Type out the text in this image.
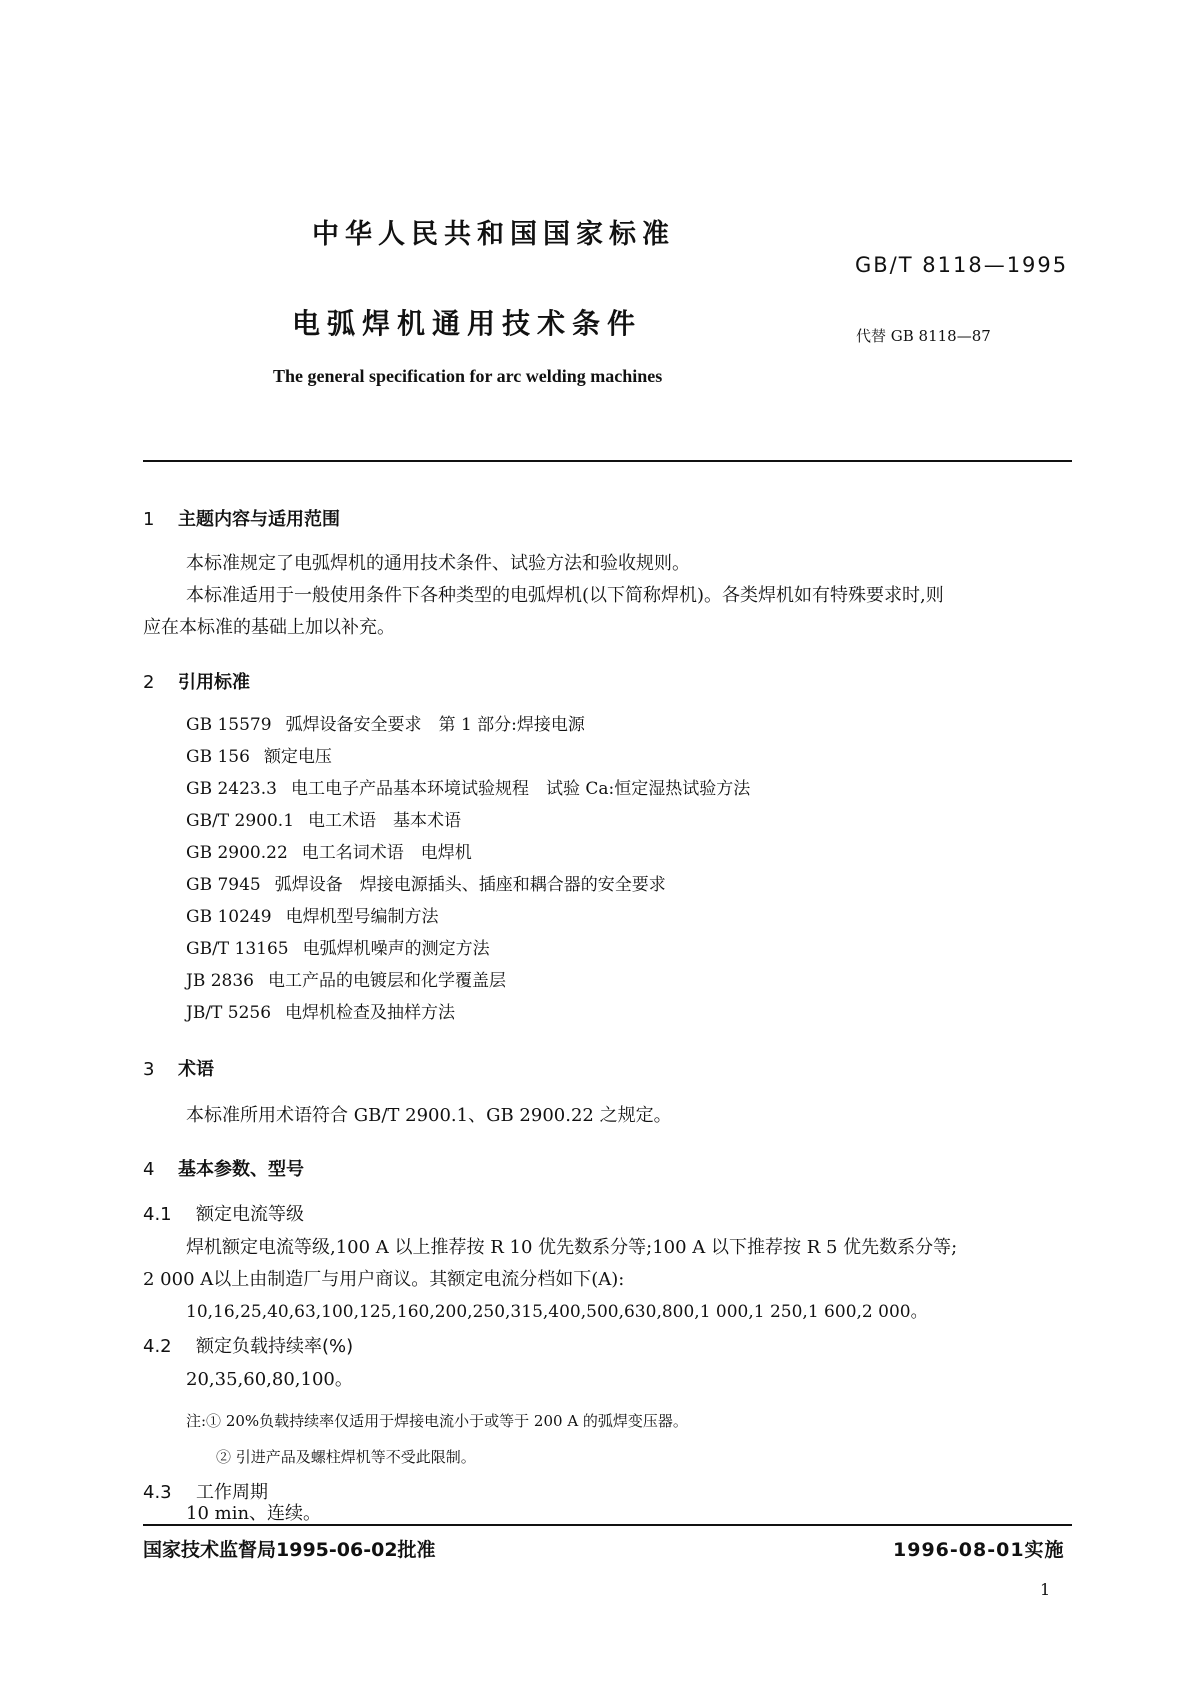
中华人民共和国国家标准
GB/T 8118—1995
电弧焊机通用技术条件	代替 GB 8118—87
The general specification for arc welding machines
1 主题内容与适用范围
本标准规定了电弧焊机的通用技术条件、试验方法和验收规则。
本标准适用于一般使用条件下各种类型的电弧焊机(以下简称焊机)。各类焊机如有特殊要求时,则
应在本标准的基础上加以补充。
2 引用标准
GB 15579 弧焊设备安全要求　第 1 部分:焊接电源
GB 156 额定电压
GB 2423.3 电工电子产品基本环境试验规程　试验 Ca:恒定湿热试验方法
GB/T 2900.1 电工术语　基本术语
GB 2900.22 电工名词术语　电焊机
GB 7945 弧焊设备　焊接电源插头、插座和耦合器的安全要求
GB 10249 电焊机型号编制方法
GB/T 13165 电弧焊机噪声的测定方法
JB 2836 电工产品的电镀层和化学覆盖层
JB/T 5256 电焊机检查及抽样方法
3 术语
本标准所用术语符合 GB/T 2900.1、GB 2900.22 之规定。
4 基本参数、型号
4.1 额定电流等级
焊机额定电流等级,100 A 以上推荐按 R 10 优先数系分等;100 A 以下推荐按 R 5 优先数系分等;
2 000 A以上由制造厂与用户商议。其额定电流分档如下(A):
10,16,25,40,63,100,125,160,200,250,315,400,500,630,800,1 000,1 250,1 600,2 000。
4.2 额定负载持续率(%)
20,35,60,80,100。
注:① 20%负载持续率仅适用于焊接电流小于或等于 200 A 的弧焊变压器。
② 引进产品及螺柱焊机等不受此限制。
4.3 工作周期
10 min、连续。
国家技术监督局1995-06-02批准	1996-08-01实施
1
